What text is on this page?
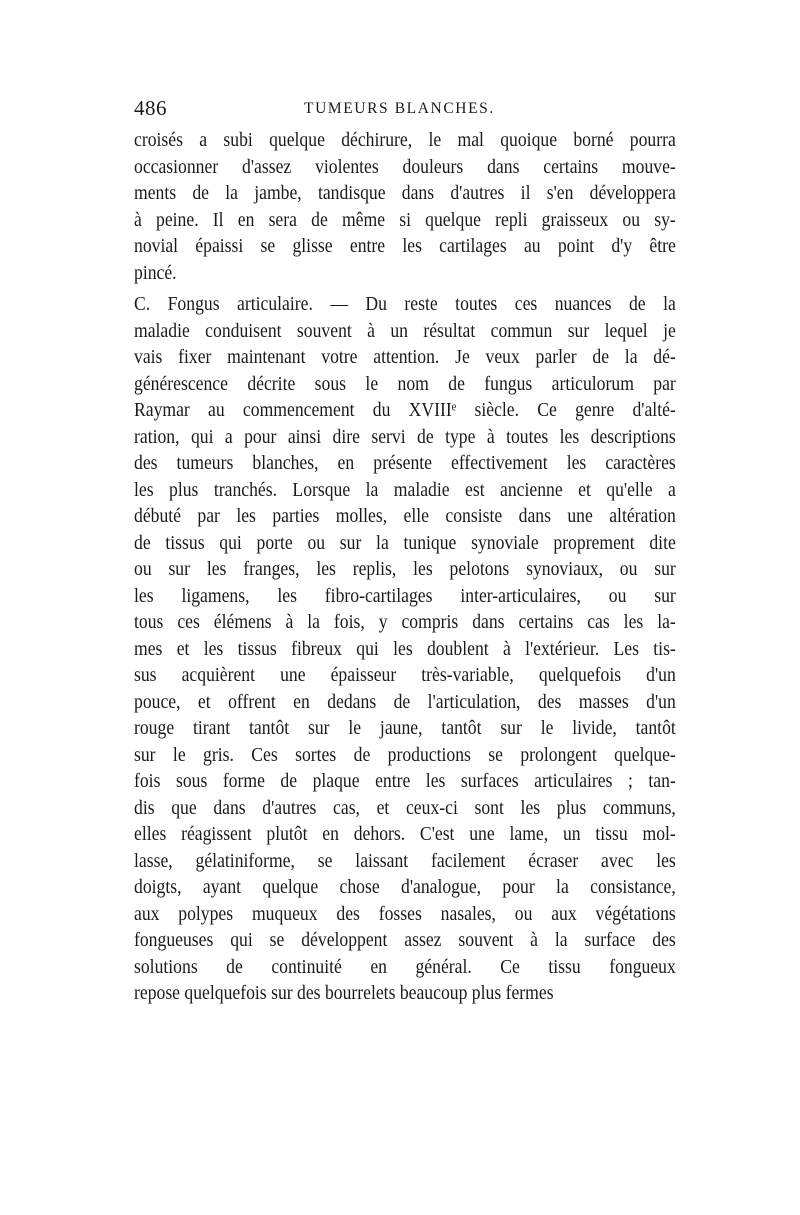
486	TUMEURS BLANCHES.
croisés a subi quelque déchirure, le mal quoique borné pourra
occasionner d'assez violentes douleurs dans certains mouve-
ments de la jambe, tandisque dans d'autres il s'en développera
à peine. Il en sera de même si quelque repli graisseux ou sy-
novial épaissi se glisse entre les cartilages au point d'y être
pincé.
C. Fongus articulaire. — Du reste toutes ces nuances de la
maladie conduisent souvent à un résultat commun sur lequel je
vais fixer maintenant votre attention. Je veux parler de la dé-
générescence décrite sous le nom de fungus articulorum par
Raymar au commencement du XVIIIᵉ siècle. Ce genre d'alté-
ration, qui a pour ainsi dire servi de type à toutes les descriptions
des tumeurs blanches, en présente effectivement les caractères
les plus tranchés. Lorsque la maladie est ancienne et qu'elle a
débuté par les parties molles, elle consiste dans une altération
de tissus qui porte ou sur la tunique synoviale proprement dite
ou sur les franges, les replis, les pelotons synoviaux, ou sur
les ligamens, les fibro-cartilages inter-articulaires, ou sur
tous ces élémens à la fois, y compris dans certains cas les la-
mes et les tissus fibreux qui les doublent à l'extérieur. Les tis-
sus acquièrent une épaisseur très-variable, quelquefois d'un
pouce, et offrent en dedans de l'articulation, des masses d'un
rouge tirant tantôt sur le jaune, tantôt sur le livide, tantôt
sur le gris. Ces sortes de productions se prolongent quelque-
fois sous forme de plaque entre les surfaces articulaires ; tan-
dis que dans d'autres cas, et ceux-ci sont les plus communs,
elles réagissent plutôt en dehors. C'est une lame, un tissu mol-
lasse, gélatiniforme, se laissant facilement écraser avec les
doigts, ayant quelque chose d'analogue, pour la consistance,
aux polypes muqueux des fosses nasales, ou aux végétations
fongueuses qui se développent assez souvent à la surface des
solutions de continuité en général. Ce tissu fongueux
repose quelquefois sur des bourrelets beaucoup plus fermes
